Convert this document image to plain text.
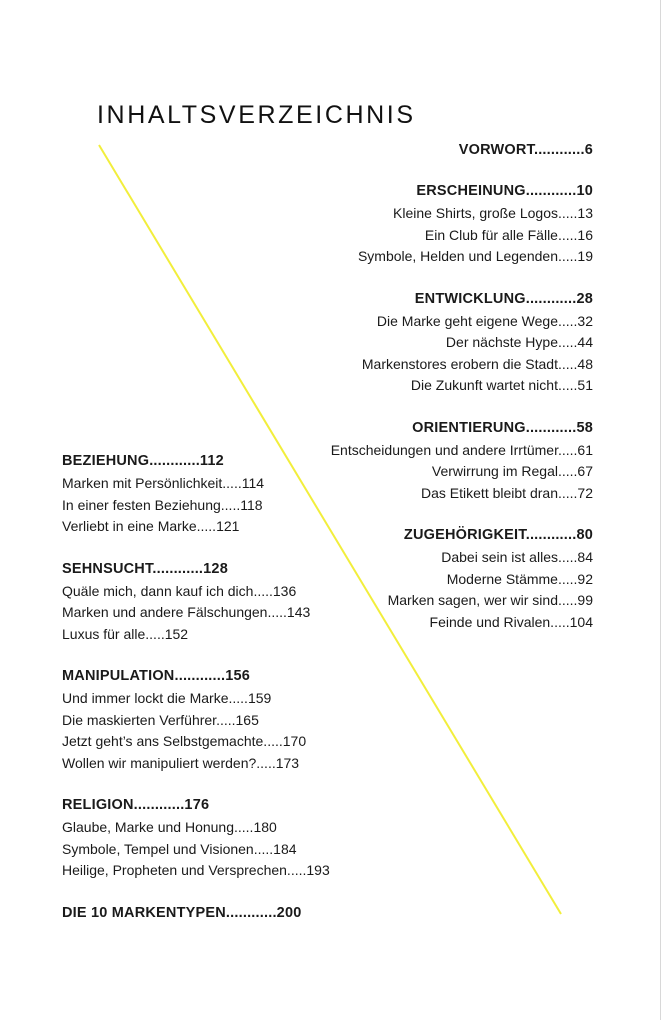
INHALTSVERZEICHNIS
VORWORT............6
ERSCHEINUNG............10
Kleine Shirts, große Logos.....13
Ein Club für alle Fälle.....16
Symbole, Helden und Legenden.....19
ENTWICKLUNG............28
Die Marke geht eigene Wege.....32
Der nächste Hype.....44
Markenstores erobern die Stadt.....48
Die Zukunft wartet nicht.....51
ORIENTIERUNG............58
Entscheidungen und andere Irrtümer.....61
Verwirrung im Regal.....67
Das Etikett bleibt dran.....72
ZUGEHÖRIGKEIT............80
Dabei sein ist alles.....84
Moderne Stämme.....92
Marken sagen, wer wir sind.....99
Feinde und Rivalen.....104
BEZIEHUNG............112
Marken mit Persönlichkeit.....114
In einer festen Beziehung.....118
Verliebt in eine Marke.....121
SEHNSUCHT............128
Quäle mich, dann kauf ich dich.....136
Marken und andere Fälschungen.....143
Luxus für alle.....152
MANIPULATION............156
Und immer lockt die Marke.....159
Die maskierten Verführer.....165
Jetzt geht’s ans Selbstgemachte.....170
Wollen wir manipuliert werden?.....173
RELIGION............176
Glaube, Marke und Honung.....180
Symbole, Tempel und Visionen.....184
Heilige, Propheten und Versprechen.....193
DIE 10 MARKENTYPEN............200
